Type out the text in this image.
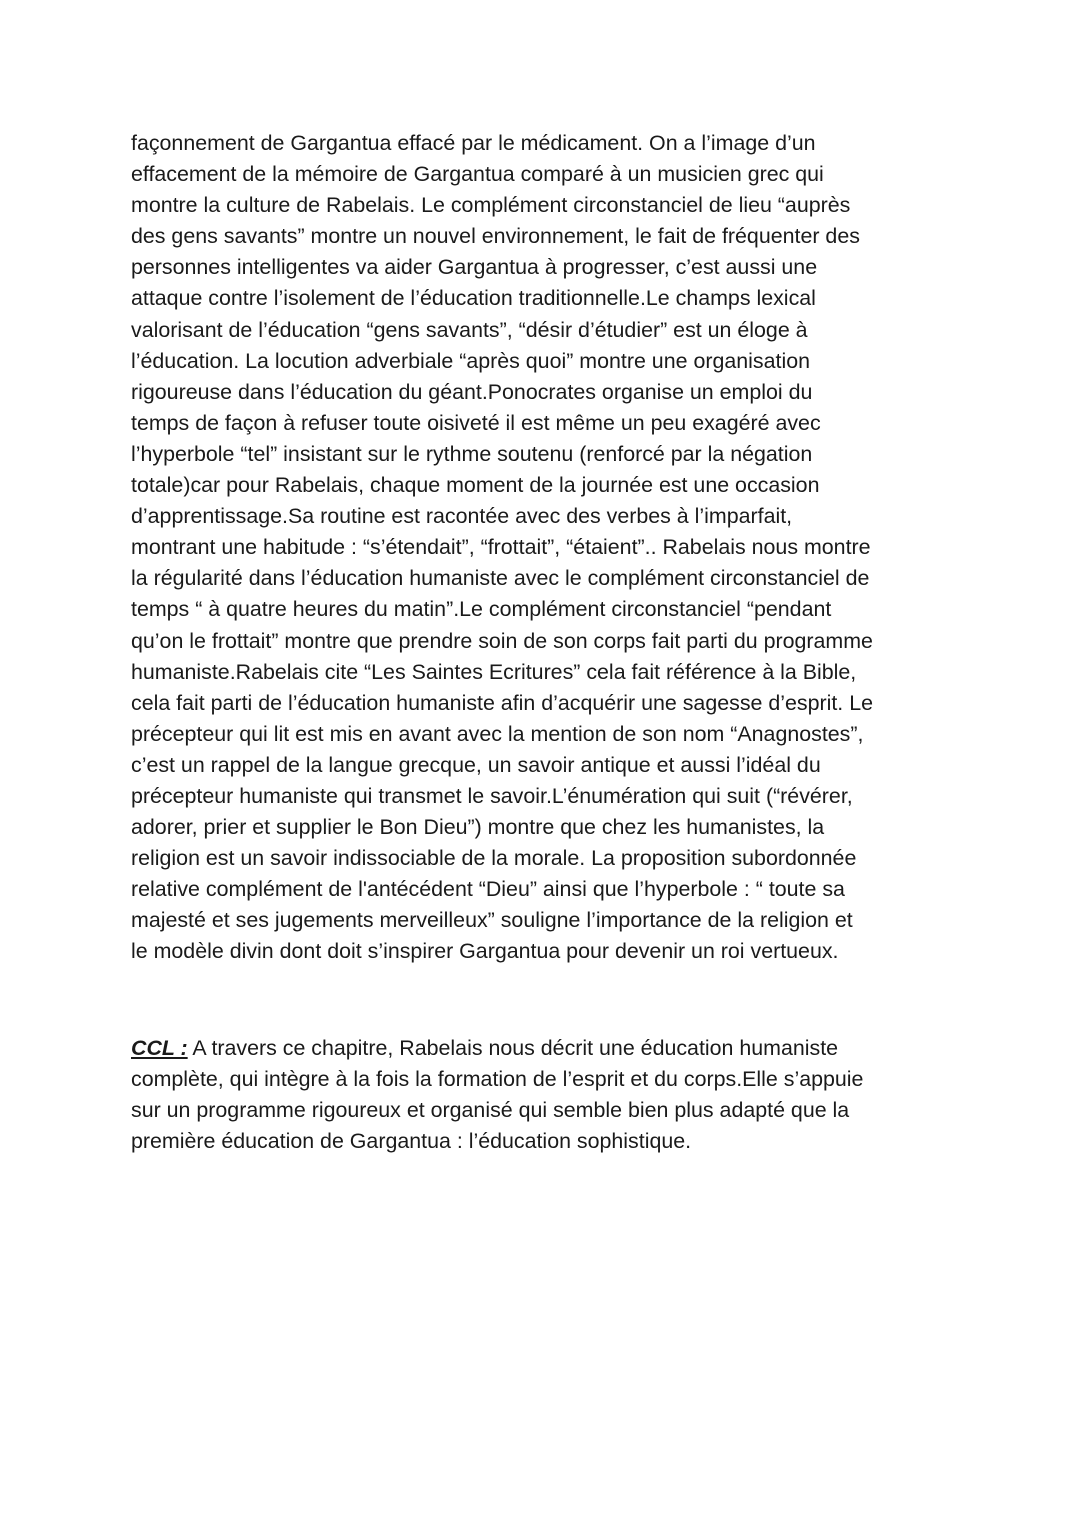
façonnement de Gargantua effacé par le médicament. On a l’image d’un
effacement de la mémoire de Gargantua comparé à un musicien grec qui
montre la culture de Rabelais. Le complément circonstanciel de lieu “auprès
des gens savants” montre un nouvel environnement, le fait de fréquenter des
personnes intelligentes va aider Gargantua à progresser, c’est aussi une
attaque contre l’isolement de l’éducation traditionnelle.Le champs lexical
valorisant de l’éducation “gens savants”, “désir d’étudier” est un éloge à
l’éducation. La locution adverbiale “après quoi” montre une organisation
rigoureuse dans l’éducation du géant.Ponocrates organise un emploi du
temps de façon à refuser toute oisiveté il est même un peu exagéré avec
l’hyperbole “tel” insistant sur le rythme soutenu (renforcé par la négation
totale)car pour Rabelais, chaque moment de la journée est une occasion
d’apprentissage.Sa routine est racontée avec des verbes à l’imparfait,
montrant une habitude : “s’étendait”, “frottait”, “étaient”.. Rabelais nous montre
la régularité dans l’éducation humaniste avec le complément circonstanciel de
temps “ à quatre heures du matin”.Le complément circonstanciel “pendant
qu’on le frottait” montre que prendre soin de son corps fait parti du programme
humaniste.Rabelais cite “Les Saintes Ecritures” cela fait référence à la Bible,
cela fait parti de l’éducation humaniste afin d’acquérir une sagesse d’esprit. Le
précepteur qui lit est mis en avant avec la mention de son nom “Anagnostes”,
c’est un rappel de la langue grecque, un savoir antique et aussi l’idéal du
précepteur humaniste qui transmet le savoir.L’énumération qui suit (“révérer,
adorer, prier et supplier le Bon Dieu”) montre que chez les humanistes, la
religion est un savoir indissociable de la morale. La proposition subordonnée
relative complément de l'antécédent “Dieu” ainsi que l’hyperbole : “ toute sa
majesté et ses jugements merveilleux” souligne l’importance de la religion et
le modèle divin dont doit s’inspirer Gargantua pour devenir un roi vertueux.
CCL : A travers ce chapitre, Rabelais nous décrit une éducation humaniste
complète, qui intègre à la fois la formation de l’esprit et du corps.Elle s’appuie
sur un programme rigoureux et organisé qui semble bien plus adapté que la
première éducation de Gargantua : l’éducation sophistique.
